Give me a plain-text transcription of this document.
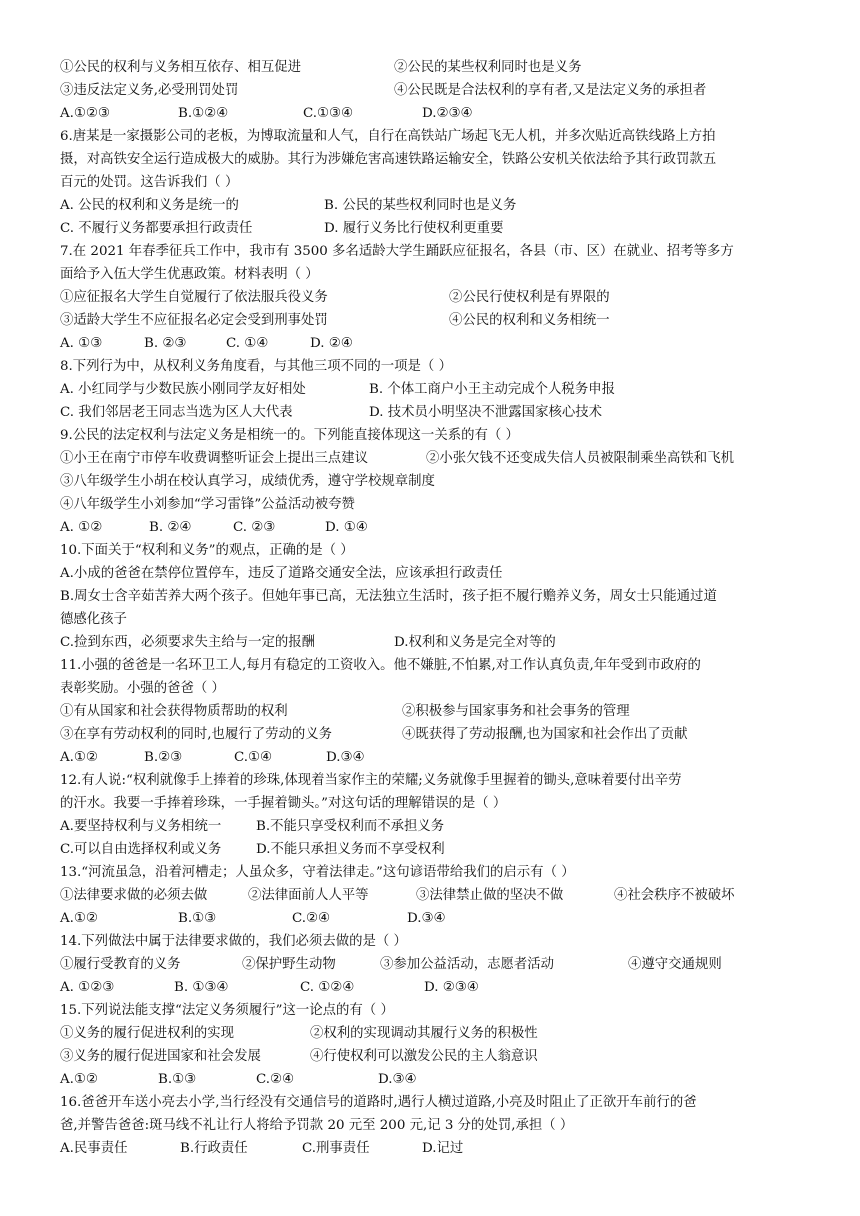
①公民的权利与义务相互依存、相互促进	②公民的某些权利同时也是义务
③违反法定义务,必受刑罚处罚	④公民既是合法权利的享有者,又是法定义务的承担者
A.①②③	B.①②④	C.①③④	D.②③④
6.唐某是一家摄影公司的老板，为博取流量和人气，自行在高铁站广场起飞无人机，并多次贴近高铁线路上方拍
摄，对高铁安全运行造成极大的威胁。其行为涉嫌危害高速铁路运输安全，铁路公安机关依法给予其行政罚款五
百元的处罚。这告诉我们（ ）
A. 公民的权利和义务是统一的	B. 公民的某些权利同时也是义务
C. 不履行义务都要承担行政责任	D. 履行义务比行使权利更重要
7.在 2021 年春季征兵工作中，我市有 3500 多名适龄大学生踊跃应征报名，各县（市、区）在就业、招考等多方
面给予入伍大学生优惠政策。材料表明（ ）
①应征报名大学生自觉履行了依法服兵役义务	②公民行使权利是有界限的
③适龄大学生不应征报名必定会受到刑事处罚	④公民的权利和义务相统一
A. ①③	B. ②③	C. ①④	D. ②④
8.下列行为中，从权利义务角度看，与其他三项不同的一项是（ ）
A. 小红同学与少数民族小刚同学友好相处	B. 个体工商户小王主动完成个人税务申报
C. 我们邻居老王同志当选为区人大代表	D. 技术员小明坚决不泄露国家核心技术
9.公民的法定权利与法定义务是相统一的。下列能直接体现这一关系的有（ ）
①小王在南宁市停车收费调整听证会上提出三点建议	②小张欠钱不还变成失信人员被限制乘坐高铁和飞机
③八年级学生小胡在校认真学习，成绩优秀，遵守学校规章制度
④八年级学生小刘参加“学习雷锋”公益活动被夸赞
A. ①②	B. ②④	C. ②③	D. ①④
10.下面关于“权利和义务”的观点，正确的是（ ）
A.小成的爸爸在禁停位置停车，违反了道路交通安全法，应该承担行政责任
B.周女士含辛茹苦养大两个孩子。但她年事已高，无法独立生活时，孩子拒不履行赡养义务，周女士只能通过道
德感化孩子
C.捡到东西，必须要求失主给与一定的报酬	D.权利和义务是完全对等的
11.小强的爸爸是一名环卫工人,每月有稳定的工资收入。他不嫌脏,不怕累,对工作认真负责,年年受到市政府的
表彰奖励。小强的爸爸（ ）
①有从国家和社会获得物质帮助的权利	②积极参与国家事务和社会事务的管理
③在享有劳动权利的同时,也履行了劳动的义务	④既获得了劳动报酬,也为国家和社会作出了贡献
A.①②	B.②③	C.①④	D.③④
12.有人说:“权利就像手上捧着的珍珠,体现着当家作主的荣耀;义务就像手里握着的锄头,意味着要付出辛劳
的汗水。我要一手捧着珍珠，一手握着锄头。”对这句话的理解错误的是（ ）
A.要坚持权利与义务相统一	B.不能只享受权利而不承担义务
C.可以自由选择权利或义务	D.不能只承担义务而不享受权利
13.“河流虽急，沿着河槽走；人虽众多，守着法律走。”这句谚语带给我们的启示有（ ）
①法律要求做的必须去做	②法律面前人人平等	③法律禁止做的坚决不做	④社会秩序不被破坏
A.①②	B.①③	C.②④	D.③④
14.下列做法中属于法律要求做的，我们必须去做的是（ ）
①履行受教育的义务	②保护野生动物	③参加公益活动，志愿者活动	④遵守交通规则
A. ①②③	B. ①③④	C. ①②④	D. ②③④
15.下列说法能支撑“法定义务须履行”这一论点的有（ ）
①义务的履行促进权利的实现	②权利的实现调动其履行义务的积极性
③义务的履行促进国家和社会发展	④行使权利可以激发公民的主人翁意识
A.①②	B.①③	C.②④	D.③④
16.爸爸开车送小亮去小学,当行经没有交通信号的道路时,遇行人横过道路,小亮及时阻止了正欲开车前行的爸
爸,并警告爸爸:斑马线不礼让行人将给予罚款 20 元至 200 元,记 3 分的处罚,承担（ ）
A.民事责任	B.行政责任	C.刑事责任	D.记过
